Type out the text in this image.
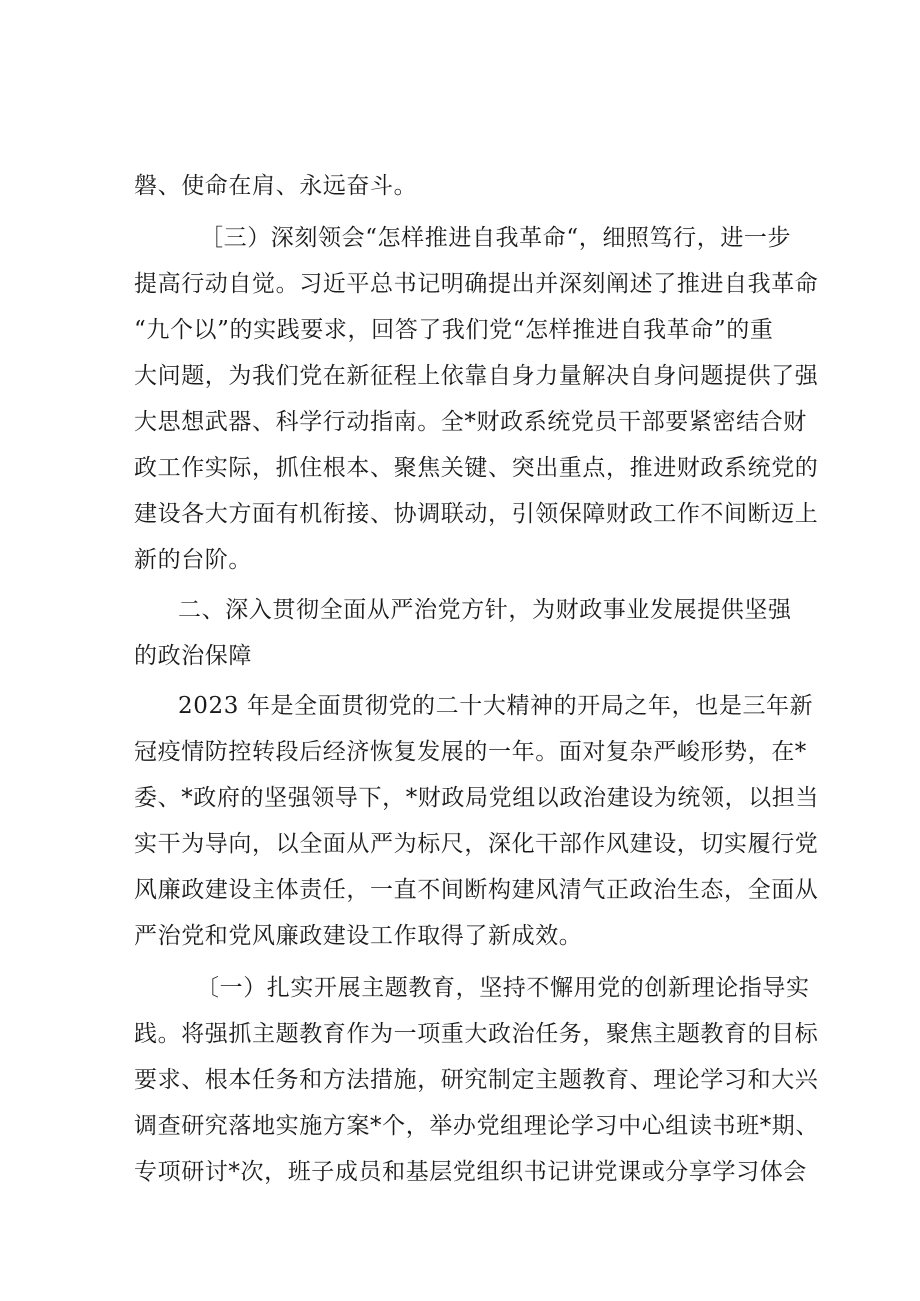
磐、使命在肩、永远奋斗。

［三）深刻领会“怎样推进自我革命“，细照笃行，进一步

提高行动自觉。习近平总书记明确提出并深刻阐述了推进自我革命

“九个以”的实践要求，回答了我们党“怎样推进自我革命”的重

大问题，为我们党在新征程上依靠自身力量解决自身问题提供了强

大思想武器、科学行动指南。全*财政系统党员干部要紧密结合财

政工作实际，抓住根本、聚焦关键、突出重点，推进财政系统党的

建设各大方面有机衔接、协调联动，引领保障财政工作不间断迈上

新的台阶。

二、深入贯彻全面从严治党方针，为财政事业发展提供坚强

的政治保障

2023 年是全面贯彻党的二十大精神的开局之年，也是三年新

冠疫情防控转段后经济恢复发展的一年。面对复杂严峻形势，在*

委、*政府的坚强领导下，*财政局党组以政治建设为统领，以担当

实干为导向，以全面从严为标尺，深化干部作风建设，切实履行党

风廉政建设主体责任，一直不间断构建风清气正政治生态，全面从

严治党和党风廉政建设工作取得了新成效。

〔一）扎实开展主题教育，坚持不懈用党的创新理论指导实

践。将强抓主题教育作为一项重大政治任务，聚焦主题教育的目标

要求、根本任务和方法措施，研究制定主题教育、理论学习和大兴

调查研究落地实施方案*个，举办党组理论学习中心组读书班*期、

专项研讨*次，班子成员和基层党组织书记讲党课或分享学习体会
